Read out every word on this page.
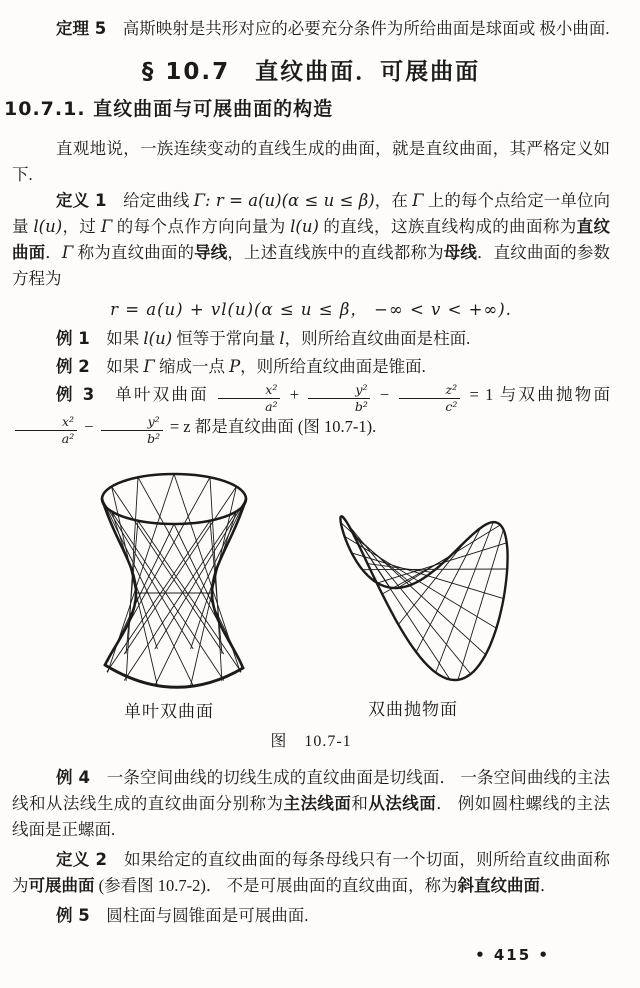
定理 5　高斯映射是共形对应的必要充分条件为所给曲面是球面或 极小曲面.

§ 10.7　直纹曲面．可展曲面
10.7.1. 直纹曲面与可展曲面的构造

直观地说，一族连续变动的直线生成的曲面，就是直纹曲面，其严格定义如下.

定义 1　给定曲线 Γ: r = a(u)(α ≤ u ≤ β)，在 Γ 上的每个点给定一单位向量 l(u)，过 Γ 的每个点作方向向量为 l(u) 的直线，这族直线构成的曲面称为直纹曲面．Γ 称为直纹曲面的导线，上述直线族中的直线都称为母线．直纹曲面的参数方程为

r = a(u) + vl(u)(α ≤ u ≤ β， −∞ < v < +∞).

例 1　如果 l(u) 恒等于常向量 l，则所给直纹曲面是柱面.

例 2　如果 Γ 缩成一点 P，则所给直纹曲面是锥面.

例 3　单叶双曲面 $\frac{\text{x²}}{\text{a²}} + \frac{\text{y²}}{\text{b²}} - \frac{\text{z²}}{\text{c²}} = 1$ 与双曲抛物面
$\frac{\text{x²}}{\text{a²}} - \frac{\text{y²}}{\text{b²}} = z$ 都是直纹曲面 (图 10.7-1).

单叶双曲面	双曲抛物面
图　10.7-1

例 4　一条空间曲线的切线生成的直纹曲面是切线面． 一条空间曲线的主法线和从法线生成的直纹曲面分别称为主法线面和从法线面． 例如圆柱螺线的主法线面是正螺面.

定义 2　如果给定的直纹曲面的每条母线只有一个切面，则所给直纹曲面称为可展曲面 (参看图 10.7-2)． 不是可展曲面的直纹曲面，称为斜直纹曲面．

例 5　圆柱面与圆锥面是可展曲面.

• 415 •
